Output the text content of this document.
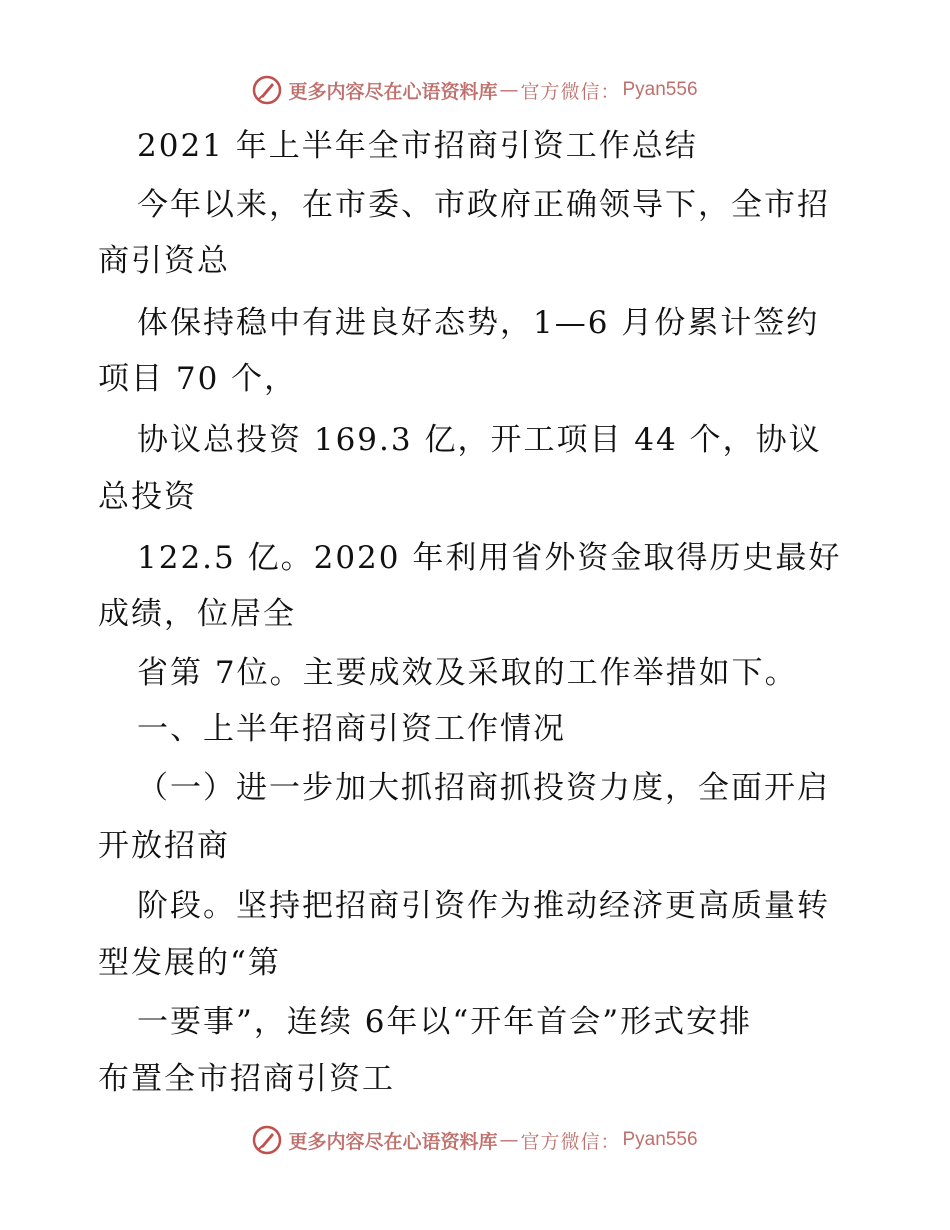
更多内容尽在心语资料库 — 官方微信： Pyan556
2021 年上半年全市招商引资工作总结
今年以来，在市委、市政府正确领导下，全市招
商引资总
体保持稳中有进良好态势，1—6 月份累计签约
项目 70 个，
协议总投资 169.3 亿，开工项目 44 个，协议
总投资
122.5 亿。2020 年利用省外资金取得历史最好
成绩，位居全
省第 7位。主要成效及采取的工作举措如下。
一、上半年招商引资工作情况
（一）进一步加大抓招商抓投资力度，全面开启
开放招商
阶段。坚持把招商引资作为推动经济更高质量转
型发展的“第
一要事”，连续 6年以“开年首会”形式安排
布置全市招商引资工
更多内容尽在心语资料库 — 官方微信： Pyan556
